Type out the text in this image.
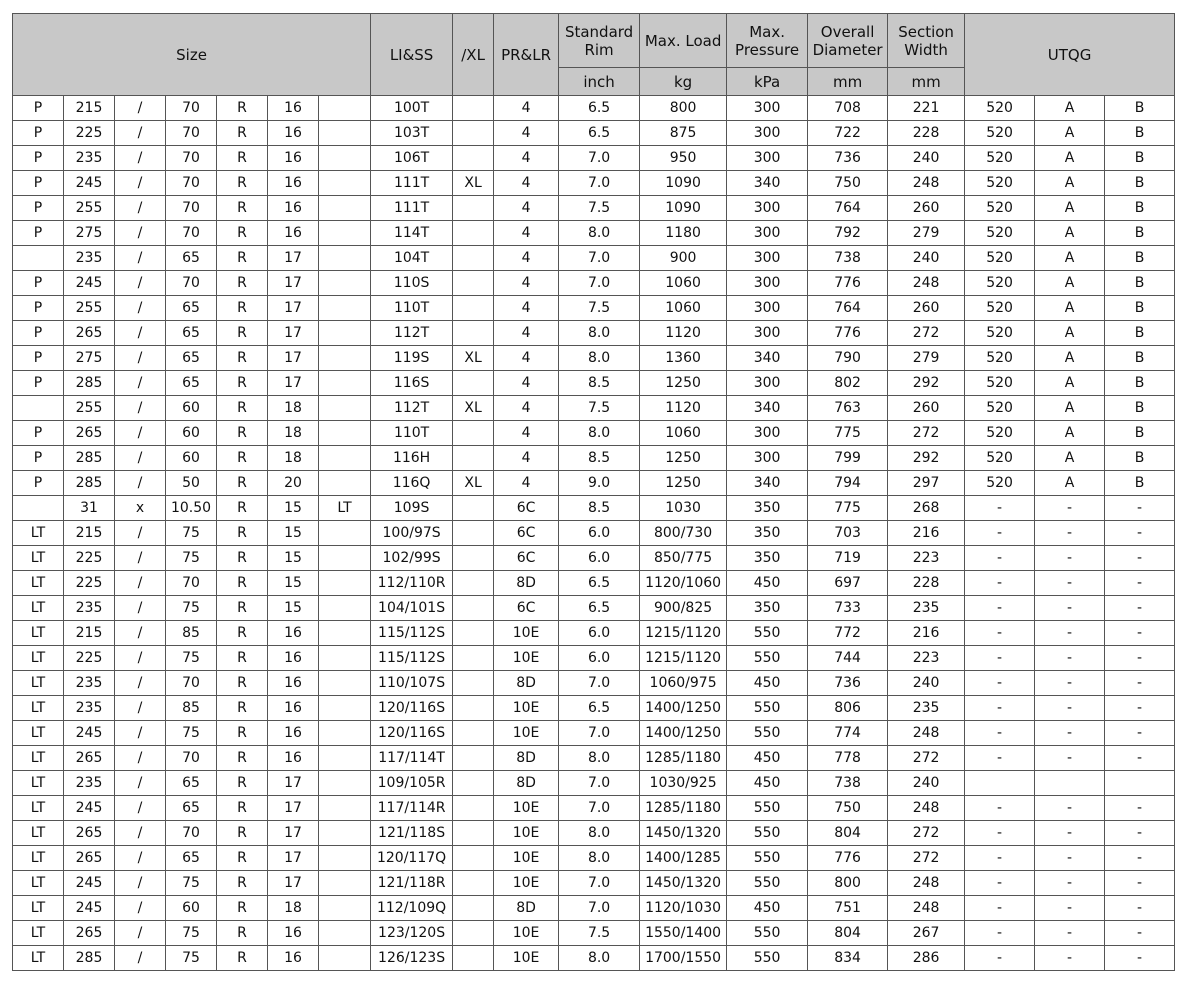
Size							LI&SS	/XL	PR&LR	Standard Rim	Max. Load	Max. Pressure	Overall Diameter	Section Width	UTQG		
										inch	kg	kPa	mm	mm			
P	215	/	70	R	16		100T		4	6.5	800	300	708	221	520	A	B
P	225	/	70	R	16		103T		4	6.5	875	300	722	228	520	A	B
P	235	/	70	R	16		106T		4	7.0	950	300	736	240	520	A	B
P	245	/	70	R	16		111T	XL	4	7.0	1090	340	750	248	520	A	B
P	255	/	70	R	16		111T		4	7.5	1090	300	764	260	520	A	B
P	275	/	70	R	16		114T		4	8.0	1180	300	792	279	520	A	B
	235	/	65	R	17		104T		4	7.0	900	300	738	240	520	A	B
P	245	/	70	R	17		110S		4	7.0	1060	300	776	248	520	A	B
P	255	/	65	R	17		110T		4	7.5	1060	300	764	260	520	A	B
P	265	/	65	R	17		112T		4	8.0	1120	300	776	272	520	A	B
P	275	/	65	R	17		119S	XL	4	8.0	1360	340	790	279	520	A	B
P	285	/	65	R	17		116S		4	8.5	1250	300	802	292	520	A	B
	255	/	60	R	18		112T	XL	4	7.5	1120	340	763	260	520	A	B
P	265	/	60	R	18		110T		4	8.0	1060	300	775	272	520	A	B
P	285	/	60	R	18		116H		4	8.5	1250	300	799	292	520	A	B
P	285	/	50	R	20		116Q	XL	4	9.0	1250	340	794	297	520	A	B
	31	x	10.50	R	15	LT	109S		6C	8.5	1030	350	775	268	-	-	-
LT	215	/	75	R	15		100/97S		6C	6.0	800/730	350	703	216	-	-	-
LT	225	/	75	R	15		102/99S		6C	6.0	850/775	350	719	223	-	-	-
LT	225	/	70	R	15		112/110R		8D	6.5	1120/1060	450	697	228	-	-	-
LT	235	/	75	R	15		104/101S		6C	6.5	900/825	350	733	235	-	-	-
LT	215	/	85	R	16		115/112S		10E	6.0	1215/1120	550	772	216	-	-	-
LT	225	/	75	R	16		115/112S		10E	6.0	1215/1120	550	744	223	-	-	-
LT	235	/	70	R	16		110/107S		8D	7.0	1060/975	450	736	240	-	-	-
LT	235	/	85	R	16		120/116S		10E	6.5	1400/1250	550	806	235	-	-	-
LT	245	/	75	R	16		120/116S		10E	7.0	1400/1250	550	774	248	-	-	-
LT	265	/	70	R	16		117/114T		8D	8.0	1285/1180	450	778	272	-	-	-
LT	235	/	65	R	17		109/105R		8D	7.0	1030/925	450	738	240			
LT	245	/	65	R	17		117/114R		10E	7.0	1285/1180	550	750	248	-	-	-
LT	265	/	70	R	17		121/118S		10E	8.0	1450/1320	550	804	272	-	-	-
LT	265	/	65	R	17		120/117Q		10E	8.0	1400/1285	550	776	272	-	-	-
LT	245	/	75	R	17		121/118R		10E	7.0	1450/1320	550	800	248	-	-	-
LT	245	/	60	R	18		112/109Q		8D	7.0	1120/1030	450	751	248	-	-	-
LT	265	/	75	R	16		123/120S		10E	7.5	1550/1400	550	804	267	-	-	-
LT	285	/	75	R	16		126/123S		10E	8.0	1700/1550	550	834	286	-	-	-
